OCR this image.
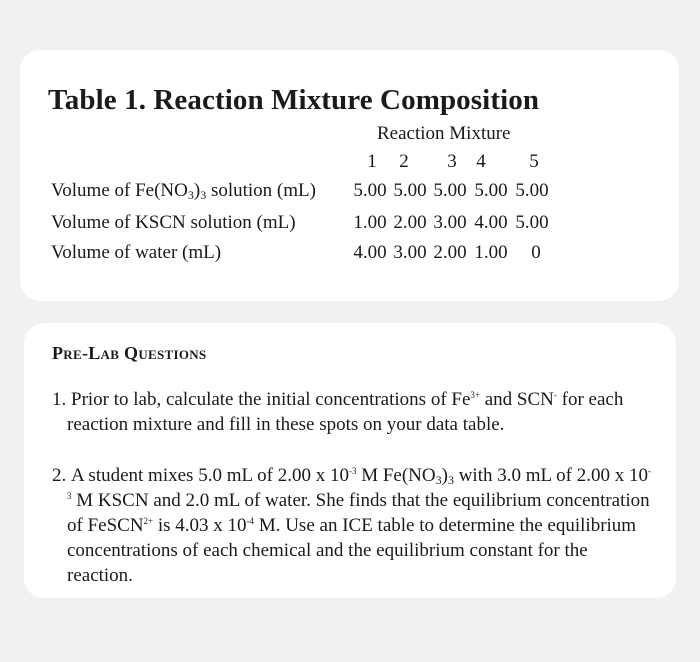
Table 1. Reaction Mixture Composition
Reaction Mixture
1	2	3	4	5
Volume of $Fe(NO_3)_3$ solution (mL) 5.00 5.00 5.00 5.00 5.00
Volume of KSCN solution (mL)	1.00 2.00 3.00 4.00 5.00
Volume of water (mL)	4.00 3.00 2.00 1.00	0
Pre-Lab Questions
1. Prior to lab, calculate the initial concentrations of $Fe^{3+}$ and SCN- for each reaction mixture and fill in these spots on your data table.
2. A student mixes 5.0 mL of 2.00 x $10^{-3}$ M $Fe(NO_3)_3$ with 3.0 mL of 2.00 x $10^{-3}$ M KSCN and 2.0 mL of water. She finds that the equilibrium concentration of FeSCN$^{2+}$ is 4.03 x $10^{-4}$ M. Use an ICE table to determine the equilibrium concentrations of each chemical and the equilibrium constant for the reaction.
